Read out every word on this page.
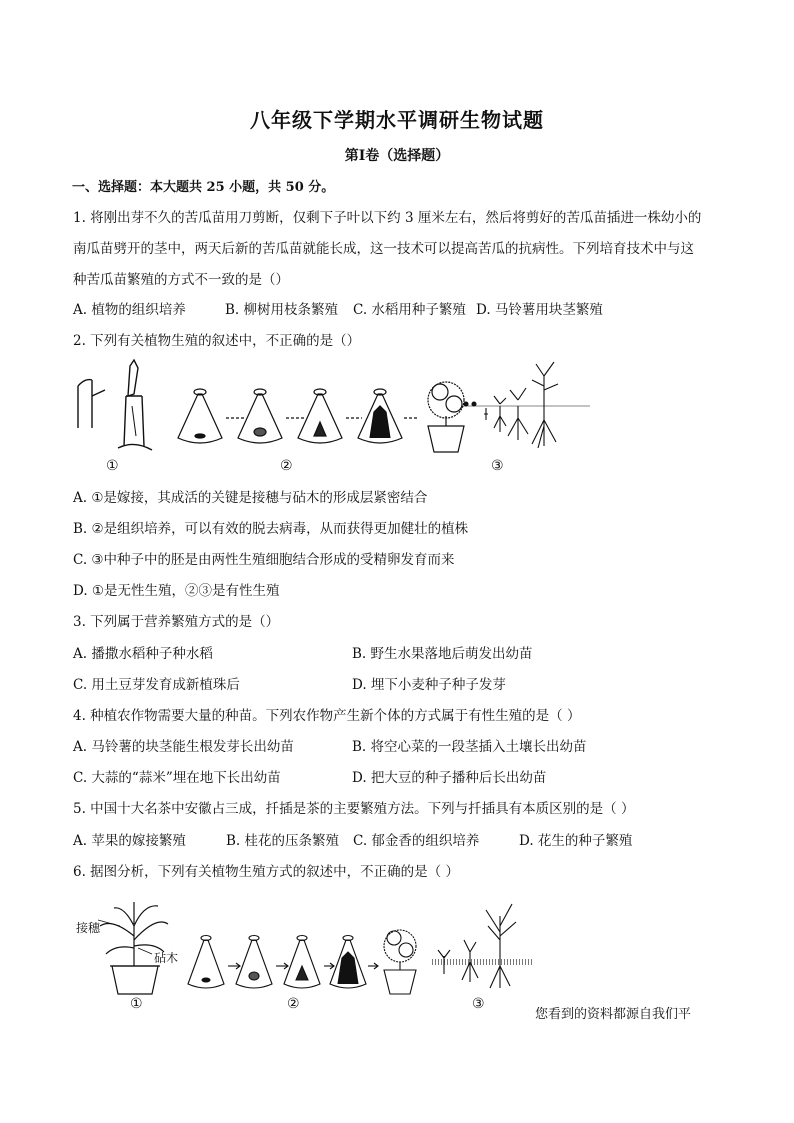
八年级下学期水平调研生物试题
第Ⅰ卷（选择题）
一、选择题：本大题共 25 小题，共 50 分。
1. 将刚出芽不久的苦瓜苗用刀剪断，仅剩下子叶以下约 3 厘米左右，然后将剪好的苦瓜苗插进一株幼小的
南瓜苗劈开的茎中，两天后新的苦瓜苗就能长成，这一技术可以提高苦瓜的抗病性。下列培育技术中与这
种苦瓜苗繁殖的方式不一致的是（）
A. 植物的组织培养	B. 柳树用枝条繁殖 C. 水稻用种子繁殖 D. 马铃薯用块茎繁殖
2. 下列有关植物生殖的叙述中，不正确的是（）
①	②	③
A. ①是嫁接，其成活的关键是接穗与砧木的形成层紧密结合
B. ②是组织培养，可以有效的脱去病毒，从而获得更加健壮的植株
C. ③中种子中的胚是由两性生殖细胞结合形成的受精卵发育而来
D. ①是无性生殖，②③是有性生殖
3. 下列属于营养繁殖方式的是（）
A. 播撒水稻种子种水稻	B. 野生水果落地后萌发出幼苗
C. 用土豆芽发育成新植珠后	D. 埋下小麦种子种子发芽
4. 种植农作物需要大量的种苗。下列农作物产生新个体的方式属于有性生殖的是（ ）
A. 马铃薯的块茎能生根发芽长出幼苗	B. 将空心菜的一段茎插入土壤长出幼苗
C. 大蒜的“蒜米”埋在地下长出幼苗	D. 把大豆的种子播种后长出幼苗
5. 中国十大名茶中安徽占三成，扦插是茶的主要繁殖方法。下列与扦插具有本质区别的是（ ）
A. 苹果的嫁接繁殖	B. 桂花的压条繁殖 C. 郁金香的组织培养	D. 花生的种子繁殖
6. 据图分析，下列有关植物生殖方式的叙述中，不正确的是（ ）
接穗
砧木
①	②	③
您看到的资料都源自我们平
